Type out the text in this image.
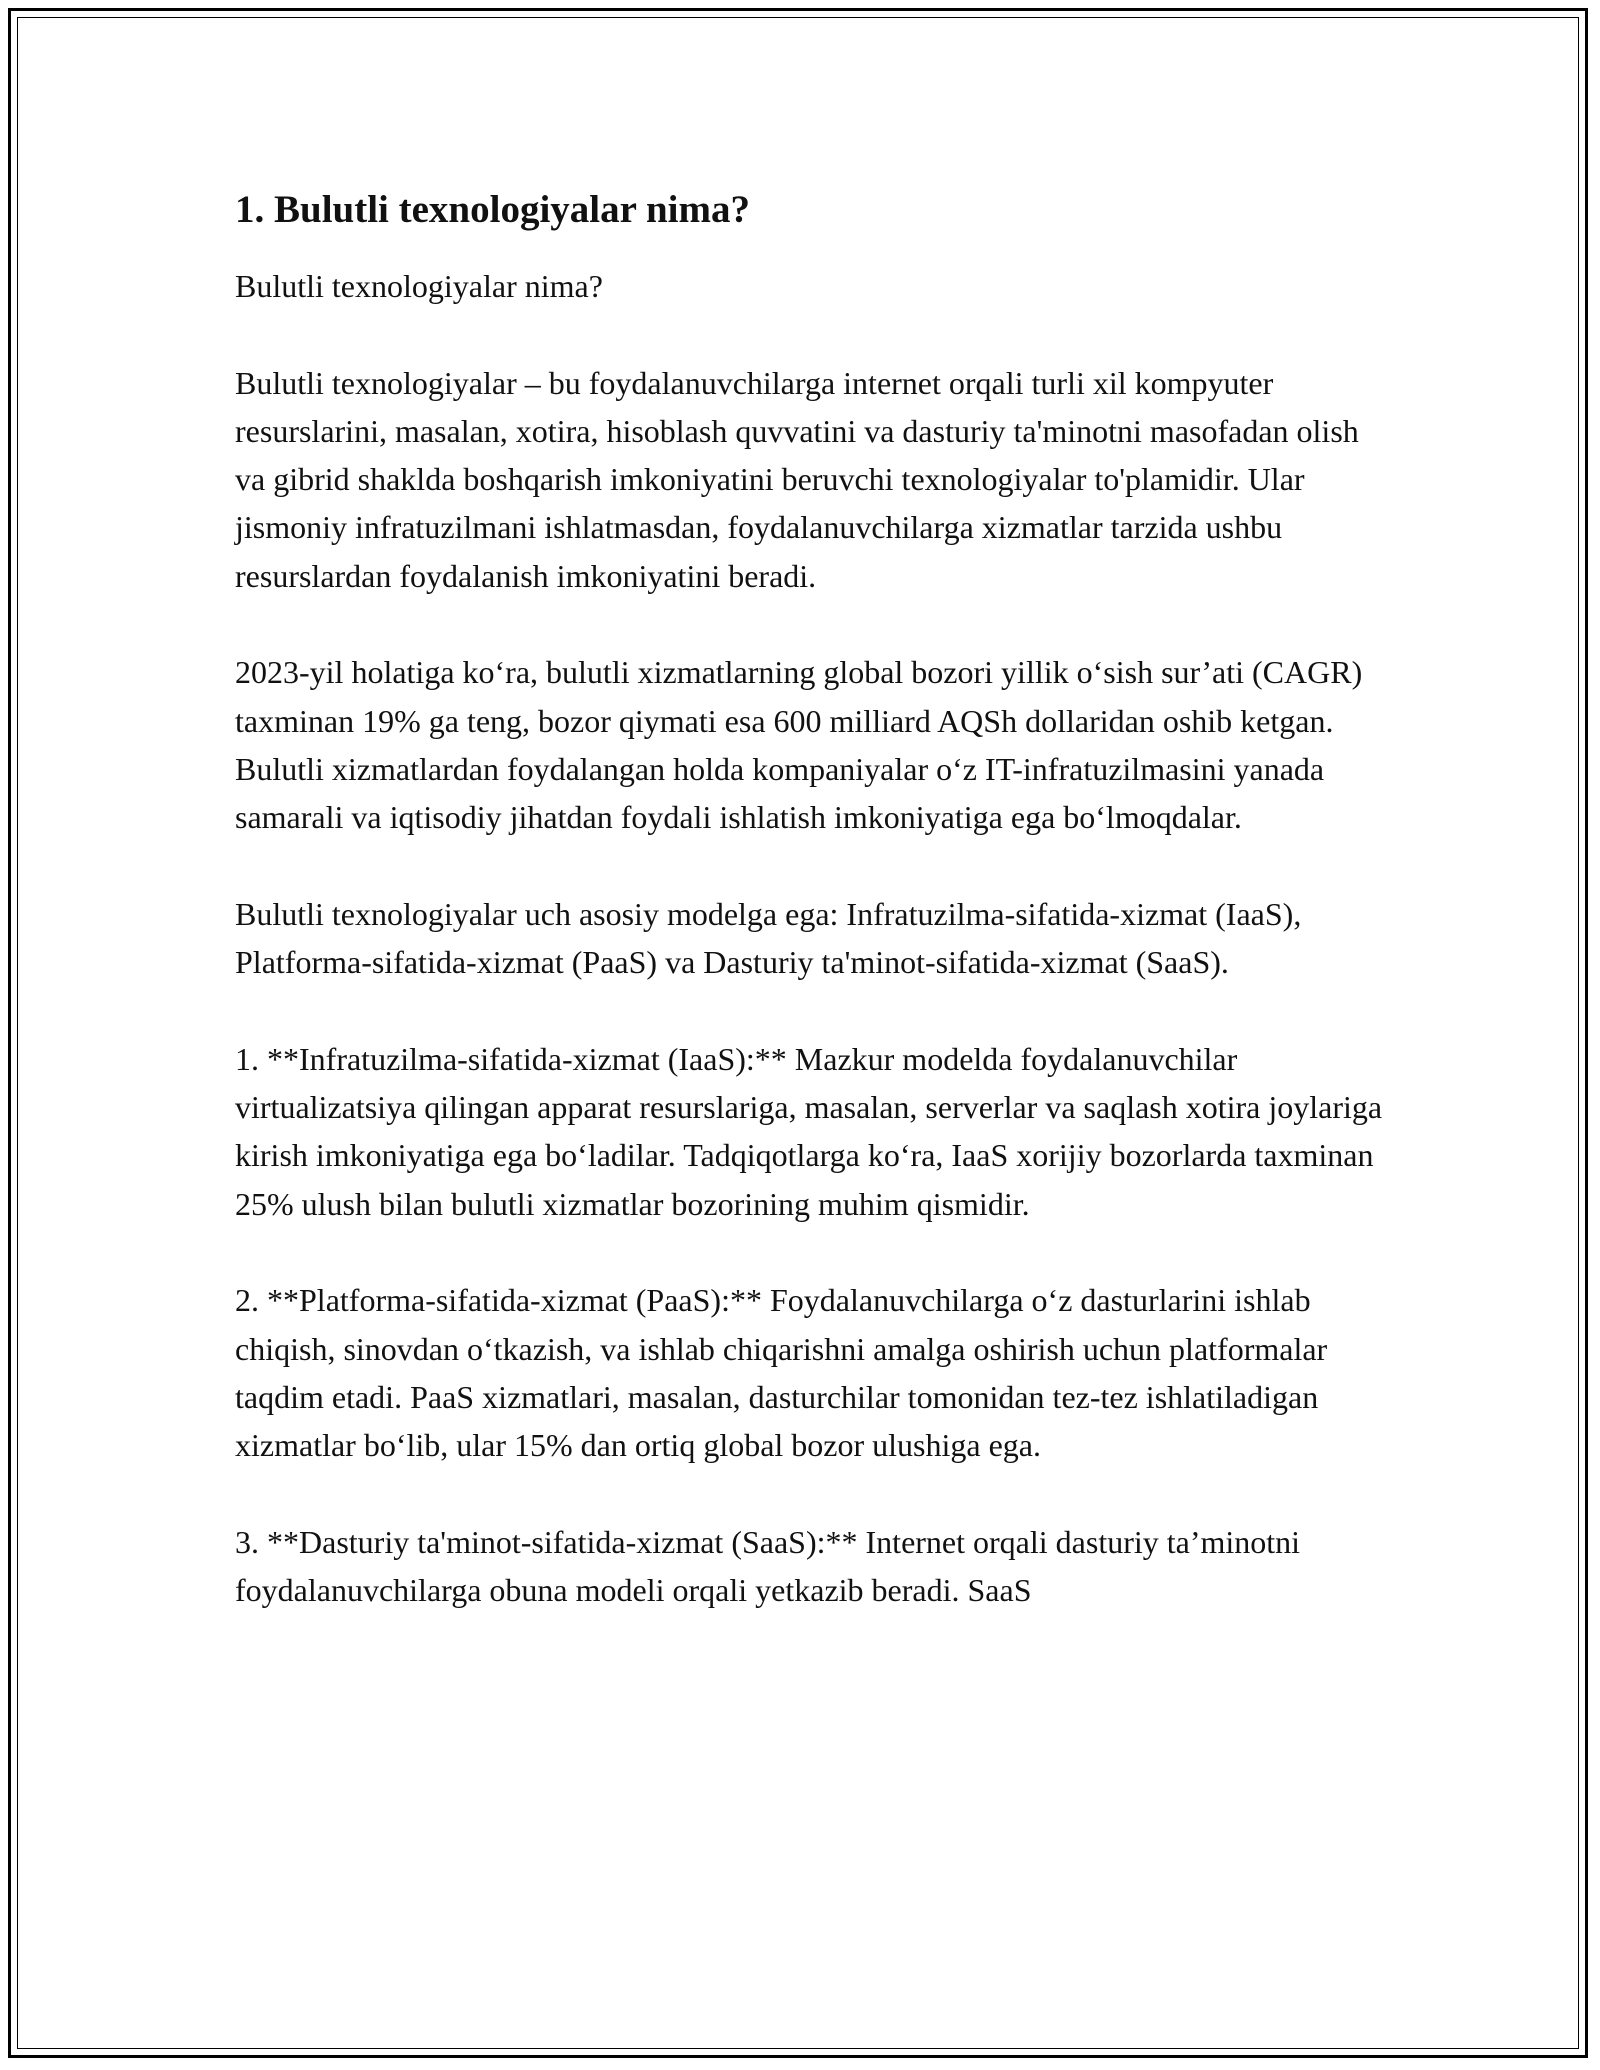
1. Bulutli texnologiyalar nima?

Bulutli texnologiyalar nima?

Bulutli texnologiyalar – bu foydalanuvchilarga internet orqali turli xil kompyuter resurslarini, masalan, xotira, hisoblash quvvatini va dasturiy ta'minotni masofadan olish va gibrid shaklda boshqarish imkoniyatini beruvchi texnologiyalar to'plamidir. Ular jismoniy infratuzilmani ishlatmasdan, foydalanuvchilarga xizmatlar tarzida ushbu resurslardan foydalanish imkoniyatini beradi.

2023-yil holatiga koʻra, bulutli xizmatlarning global bozori yillik oʻsish sur’ati (CAGR) taxminan 19% ga teng, bozor qiymati esa 600 milliard AQSh dollaridan oshib ketgan. Bulutli xizmatlardan foydalangan holda kompaniyalar oʻz IT-infratuzilmasini yanada samarali va iqtisodiy jihatdan foydali ishlatish imkoniyatiga ega boʻlmoqdalar.

Bulutli texnologiyalar uch asosiy modelga ega: Infratuzilma-sifatida-xizmat (IaaS), Platforma-sifatida-xizmat (PaaS) va Dasturiy ta'minot-sifatida-xizmat (SaaS).

1. **Infratuzilma-sifatida-xizmat (IaaS):** Mazkur modelda foydalanuvchilar virtualizatsiya qilingan apparat resurslariga, masalan, serverlar va saqlash xotira joylariga kirish imkoniyatiga ega boʻladilar. Tadqiqotlarga koʻra, IaaS xorijiy bozorlarda taxminan 25% ulush bilan bulutli xizmatlar bozorining muhim qismidir.

2. **Platforma-sifatida-xizmat (PaaS):** Foydalanuvchilarga oʻz dasturlarini ishlab chiqish, sinovdan oʻtkazish, va ishlab chiqarishni amalga oshirish uchun platformalar taqdim etadi. PaaS xizmatlari, masalan, dasturchilar tomonidan tez-tez ishlatiladigan xizmatlar boʻlib, ular 15% dan ortiq global bozor ulushiga ega.

3. **Dasturiy ta'minot-sifatida-xizmat (SaaS):** Internet orqali dasturiy ta’minotni foydalanuvchilarga obuna modeli orqali yetkazib beradi. SaaS
